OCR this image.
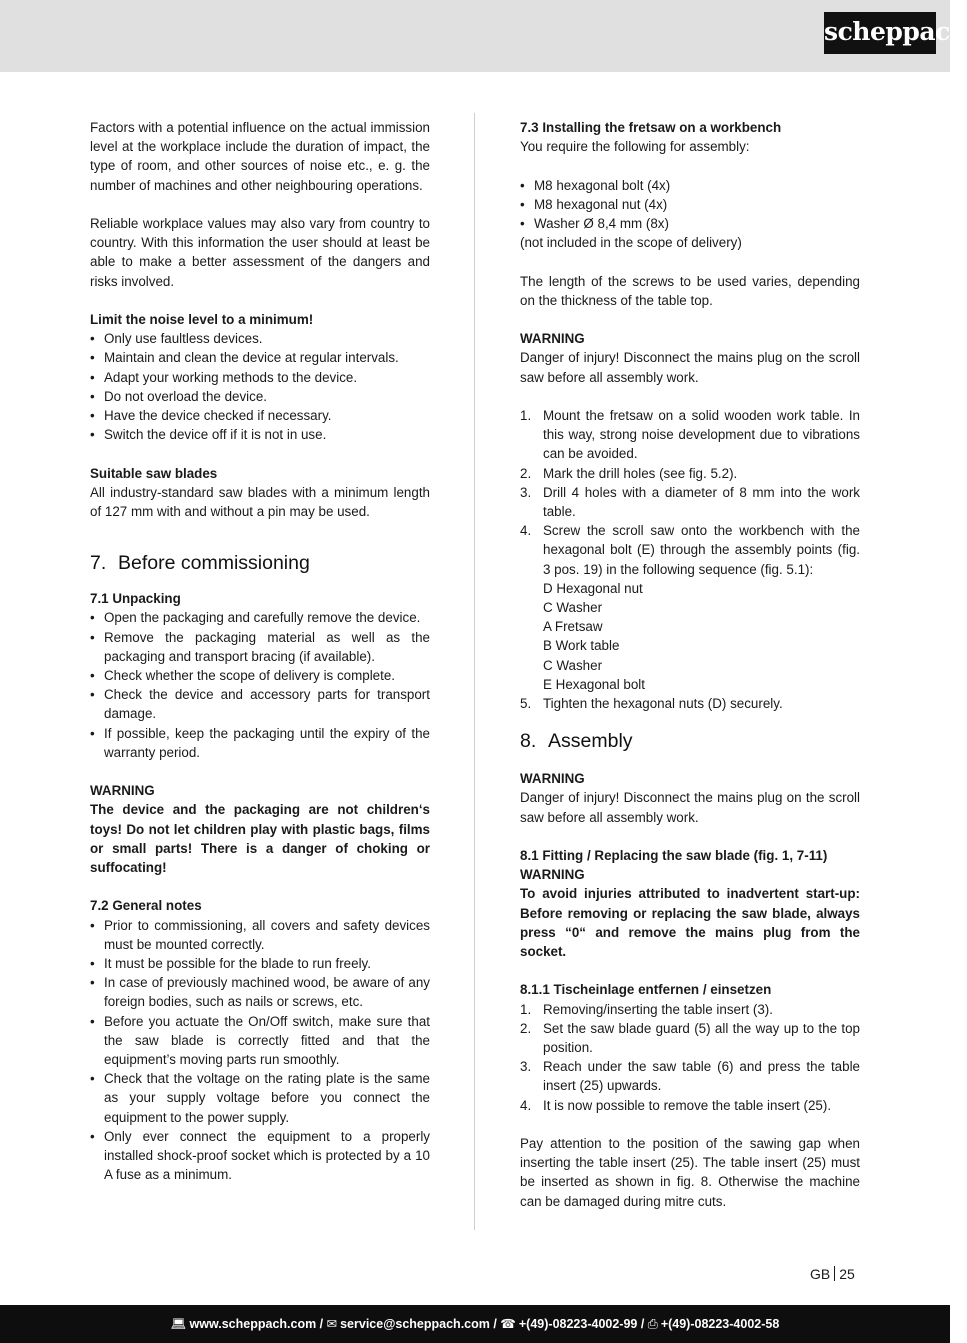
scheppach

Factors with a potential influence on the actual immission level at the workplace include the duration of impact, the type of room, and other sources of noise etc., e. g. the number of machines and other neighbouring operations.

Reliable workplace values may also vary from country to country. With this information the user should at least be able to make a better assessment of the dangers and risks involved.

Limit the noise level to a minimum!

• Only use faultless devices.
• Maintain and clean the device at regular intervals.
• Adapt your working methods to the device.
• Do not overload the device.
• Have the device checked if necessary.
• Switch the device off if it is not in use.

Suitable saw blades

All industry-standard saw blades with a minimum length of 127 mm with and without a pin may be used.

7. Before commissioning

7.1 Unpacking

• Open the packaging and carefully remove the device.
• Remove the packaging material as well as the packaging and transport bracing (if available).
• Check whether the scope of delivery is complete.
• Check the device and accessory parts for transport damage.
• If possible, keep the packaging until the expiry of the warranty period.

WARNING

The device and the packaging are not children‘s toys! Do not let children play with plastic bags, films or small parts! There is a danger of choking or suffocating!

7.2 General notes

• Prior to commissioning, all covers and safety devices must be mounted correctly.
• It must be possible for the blade to run freely.
• In case of previously machined wood, be aware of any foreign bodies, such as nails or screws, etc.
• Before you actuate the On/Off switch, make sure that the saw blade is correctly fitted and that the equipment’s moving parts run smoothly.
• Check that the voltage on the rating plate is the same as your supply voltage before you connect the equipment to the power supply.
• Only ever connect the equipment to a properly installed shock-proof socket which is protected by a 10 A fuse as a minimum.

7.3 Installing the fretsaw on a workbench

You require the following for assembly:

• M8 hexagonal bolt (4x)
• M8 hexagonal nut (4x)
• Washer Ø 8,4 mm (8x)

(not included in the scope of delivery)

The length of the screws to be used varies, depending on the thickness of the table top.

WARNING

Danger of injury! Disconnect the mains plug on the scroll saw before all assembly work.

1. Mount the fretsaw on a solid wooden work table. In this way, strong noise development due to vibrations can be avoided.
2. Mark the drill holes (see fig. 5.2).
3. Drill 4 holes with a diameter of 8 mm into the work table.
4. Screw the scroll saw onto the workbench with the hexagonal bolt (E) through the assembly points (fig. 3 pos. 19) in the following sequence (fig. 5.1):
D Hexagonal nut
C Washer
A Fretsaw
B Work table
C Washer
E Hexagonal bolt
5. Tighten the hexagonal nuts (D) securely.
8. Assembly

WARNING

Danger of injury! Disconnect the mains plug on the scroll saw before all assembly work.

8.1 Fitting / Replacing the saw blade (fig. 1, 7-11)

WARNING

To avoid injuries attributed to inadvertent start-up: Before removing or replacing the saw blade, always press “0“ and remove the mains plug from the socket.

8.1.1 Tischeinlage entfernen / einsetzen

1. Removing/inserting the table insert (3).
2. Set the saw blade guard (5) all the way up to the top position.
3. Reach under the saw table (6) and press the table insert (25) upwards.
4. It is now possible to remove the table insert (25).

Pay attention to the position of the sawing gap when inserting the table insert (25). The table insert (25) must be inserted as shown in fig. 8. Otherwise the machine can be damaged during mitre cuts.

GB 25
💻︎ www.scheppach.com / ✉︎ service@scheppach.com / ☎︎ +(49)-08223-4002-99 / ⎙ +(49)-08223-4002-58
